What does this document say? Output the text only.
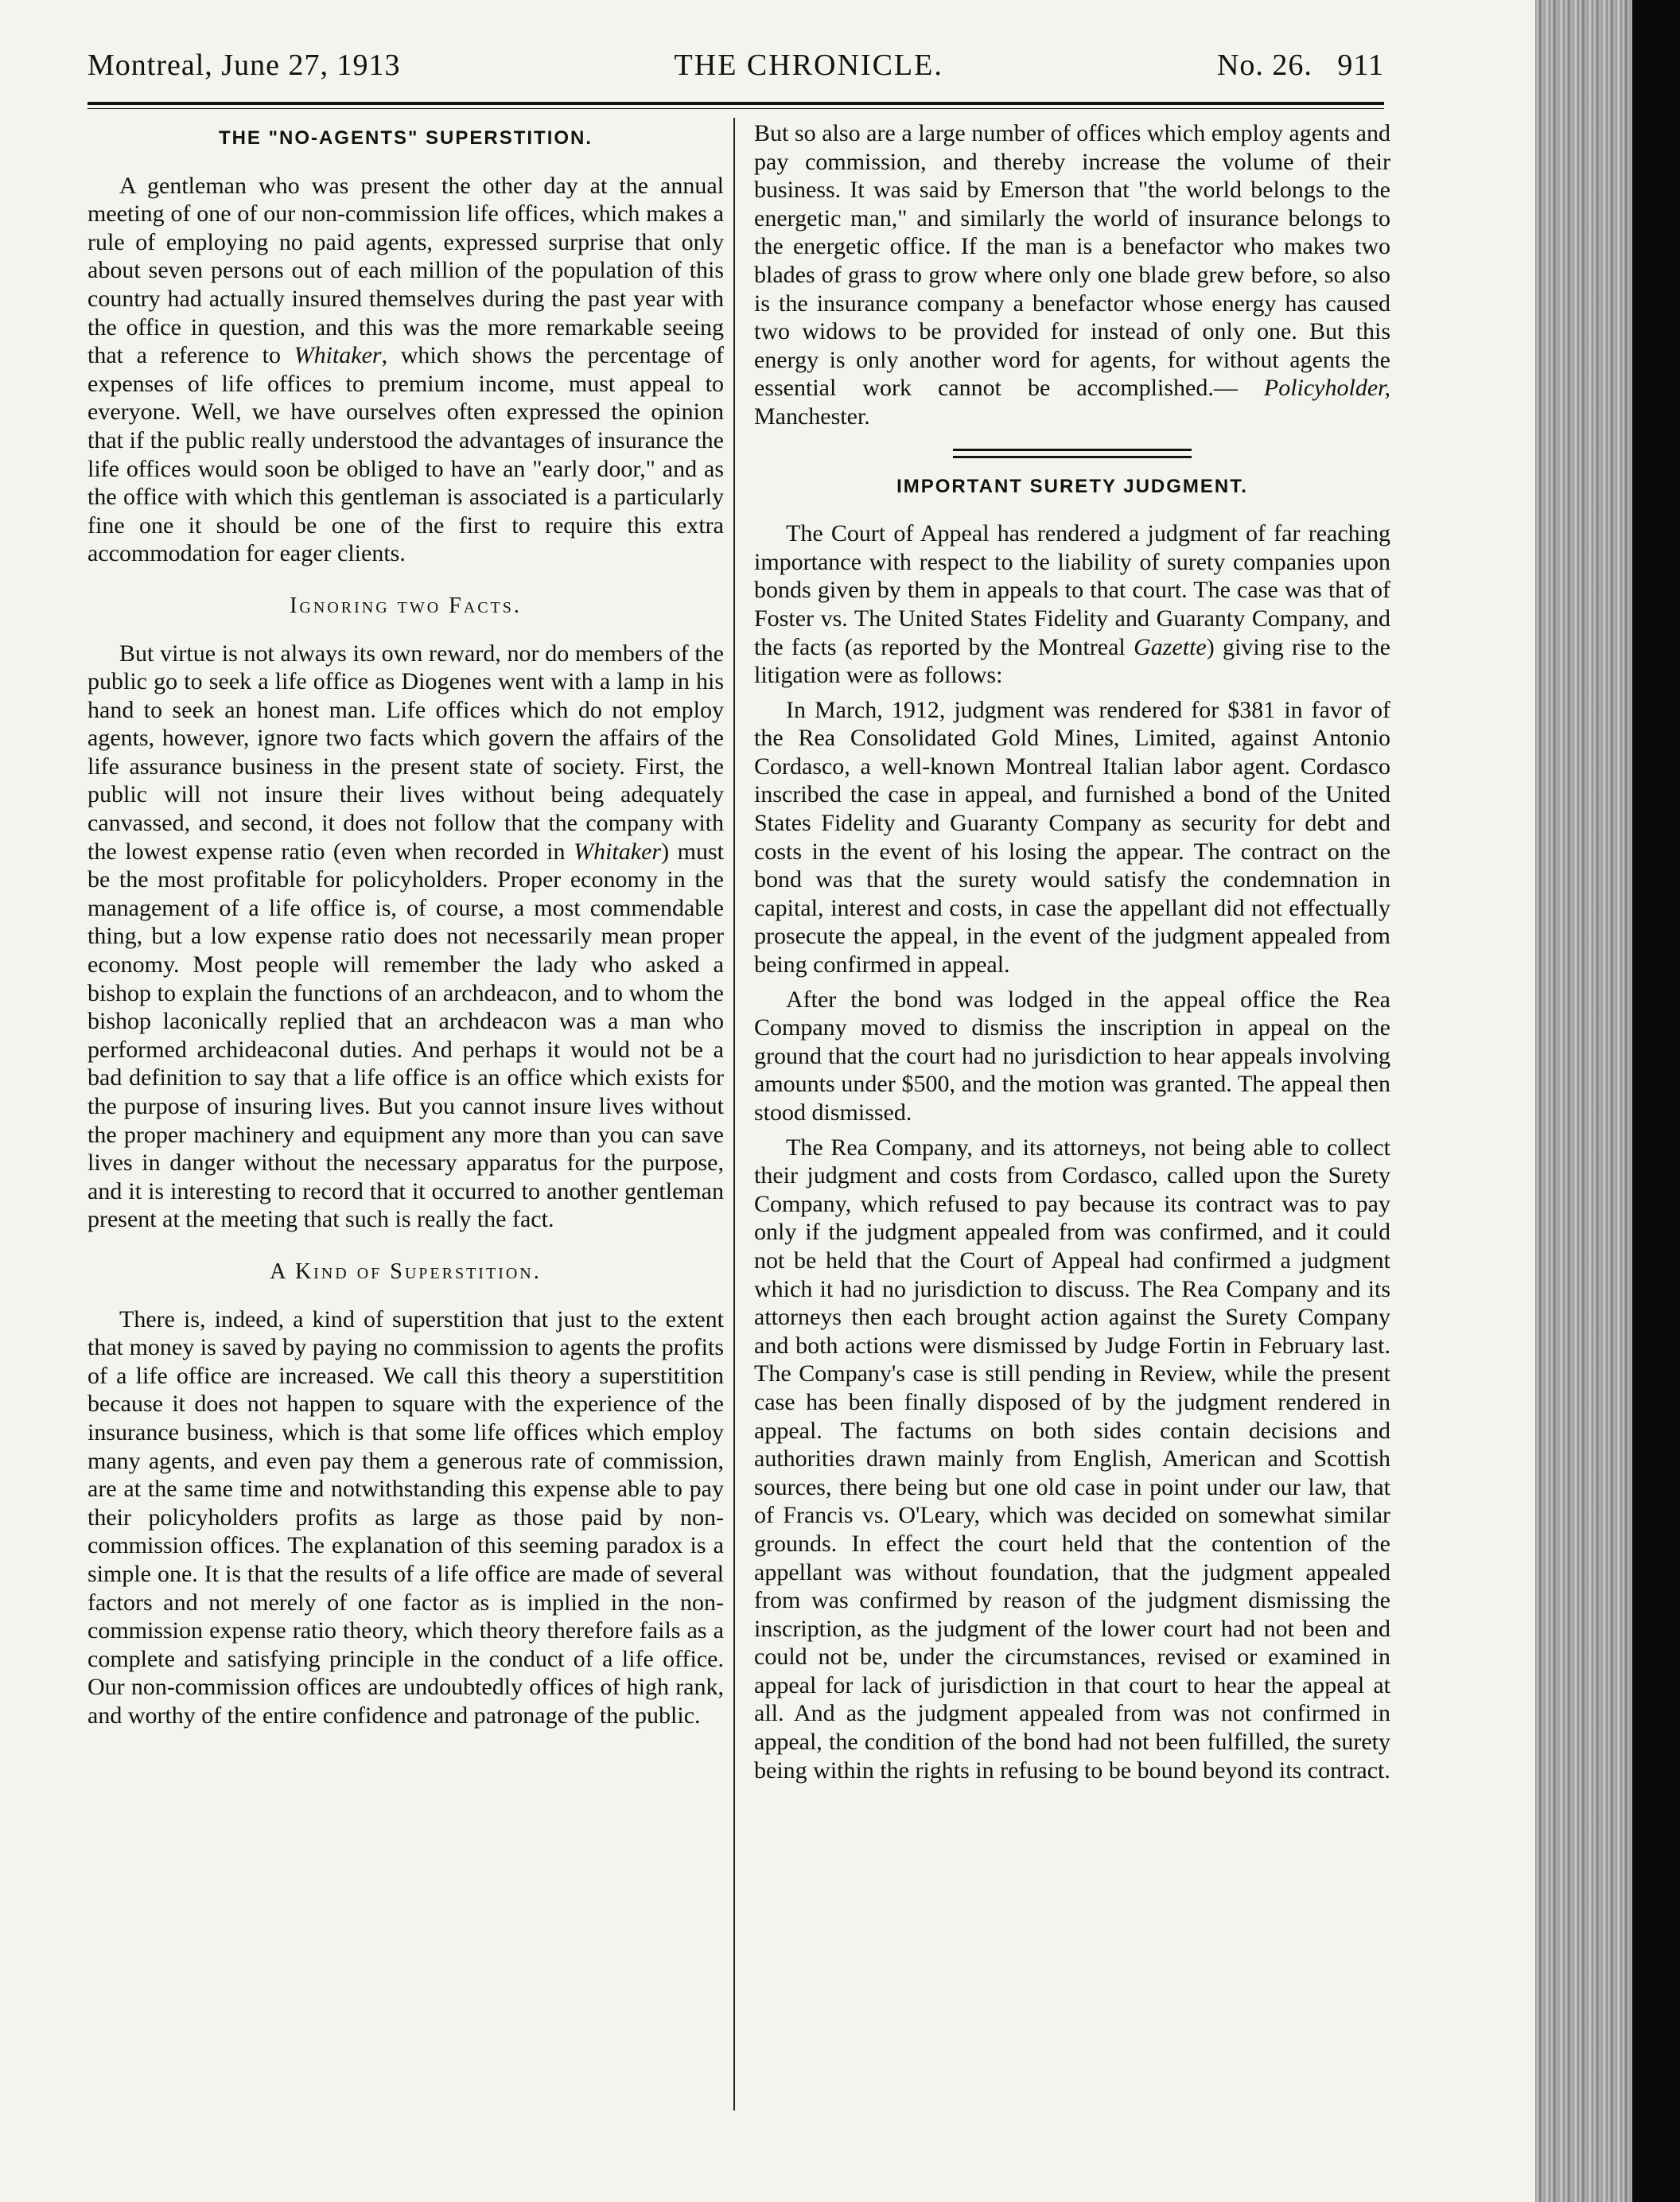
Montreal, June 27, 1913	THE CHRONICLE.	No. 26.   911
THE "NO-AGENTS" SUPERSTITION.

A gentleman who was present the other day at the annual meeting of one of our non-commission life offices, which makes a rule of employing no paid agents, expressed surprise that only about seven persons out of each million of the population of this country had actually insured themselves during the past year with the office in question, and this was the more remarkable seeing that a reference to Whitaker, which shows the percentage of expenses of life offices to premium income, must appeal to everyone. Well, we have ourselves often expressed the opinion that if the public really understood the advantages of insurance the life offices would soon be obliged to have an "early door," and as the office with which this gentleman is associated is a particularly fine one it should be one of the first to require this extra accommodation for eager clients.

Ignoring two Facts.

But virtue is not always its own reward, nor do members of the public go to seek a life office as Diogenes went with a lamp in his hand to seek an honest man. Life offices which do not employ agents, however, ignore two facts which govern the affairs of the life assurance business in the present state of society. First, the public will not insure their lives without being adequately canvassed, and second, it does not follow that the company with the lowest expense ratio (even when recorded in Whitaker) must be the most profitable for policyholders. Proper economy in the management of a life office is, of course, a most commendable thing, but a low expense ratio does not necessarily mean proper economy. Most people will remember the lady who asked a bishop to explain the functions of an archdeacon, and to whom the bishop laconically replied that an archdeacon was a man who performed archideaconal duties. And perhaps it would not be a bad definition to say that a life office is an office which exists for the purpose of insuring lives. But you cannot insure lives without the proper machinery and equipment any more than you can save lives in danger without the necessary apparatus for the purpose, and it is interesting to record that it occurred to another gentleman present at the meeting that such is really the fact.

A Kind of Superstition.

There is, indeed, a kind of superstition that just to the extent that money is saved by paying no commission to agents the profits of a life office are increased. We call this theory a superstitition because it does not happen to square with the experience of the insurance business, which is that some life offices which employ many agents, and even pay them a generous rate of commission, are at the same time and notwithstanding this expense able to pay their policyholders profits as large as those paid by non-commission offices. The explanation of this seeming paradox is a simple one. It is that the results of a life office are made of several factors and not merely of one factor as is implied in the non-commission expense ratio theory, which theory therefore fails as a complete and satisfying principle in the conduct of a life office. Our non-commission offices are undoubtedly offices of high rank, and worthy of the entire confidence and patronage of the public.

But so also are a large number of offices which employ agents and pay commission, and thereby increase the volume of their business. It was said by Emerson that "the world belongs to the energetic man," and similarly the world of insurance belongs to the energetic office. If the man is a benefactor who makes two blades of grass to grow where only one blade grew before, so also is the insurance company a benefactor whose energy has caused two widows to be provided for instead of only one. But this energy is only another word for agents, for without agents the essential work cannot be accomplished.— Policyholder, Manchester.

IMPORTANT SURETY JUDGMENT.

The Court of Appeal has rendered a judgment of far reaching importance with respect to the liability of surety companies upon bonds given by them in appeals to that court. The case was that of Foster vs. The United States Fidelity and Guaranty Company, and the facts (as reported by the Montreal Gazette) giving rise to the litigation were as follows:

In March, 1912, judgment was rendered for $381 in favor of the Rea Consolidated Gold Mines, Limited, against Antonio Cordasco, a well-known Montreal Italian labor agent. Cordasco inscribed the case in appeal, and furnished a bond of the United States Fidelity and Guaranty Company as security for debt and costs in the event of his losing the appear. The contract on the bond was that the surety would satisfy the condemnation in capital, interest and costs, in case the appellant did not effectually prosecute the appeal, in the event of the judgment appealed from being confirmed in appeal.

After the bond was lodged in the appeal office the Rea Company moved to dismiss the inscription in appeal on the ground that the court had no jurisdiction to hear appeals involving amounts under $500, and the motion was granted. The appeal then stood dismissed.

The Rea Company, and its attorneys, not being able to collect their judgment and costs from Cordasco, called upon the Surety Company, which refused to pay because its contract was to pay only if the judgment appealed from was confirmed, and it could not be held that the Court of Appeal had confirmed a judgment which it had no jurisdiction to discuss. The Rea Company and its attorneys then each brought action against the Surety Company and both actions were dismissed by Judge Fortin in February last. The Company's case is still pending in Review, while the present case has been finally disposed of by the judgment rendered in appeal. The factums on both sides contain decisions and authorities drawn mainly from English, American and Scottish sources, there being but one old case in point under our law, that of Francis vs. O'Leary, which was decided on somewhat similar grounds. In effect the court held that the contention of the appellant was without foundation, that the judgment appealed from was confirmed by reason of the judgment dismissing the inscription, as the judgment of the lower court had not been and could not be, under the circumstances, revised or examined in appeal for lack of jurisdiction in that court to hear the appeal at all. And as the judgment appealed from was not confirmed in appeal, the condition of the bond had not been fulfilled, the surety being within the rights in refusing to be bound beyond its contract.
